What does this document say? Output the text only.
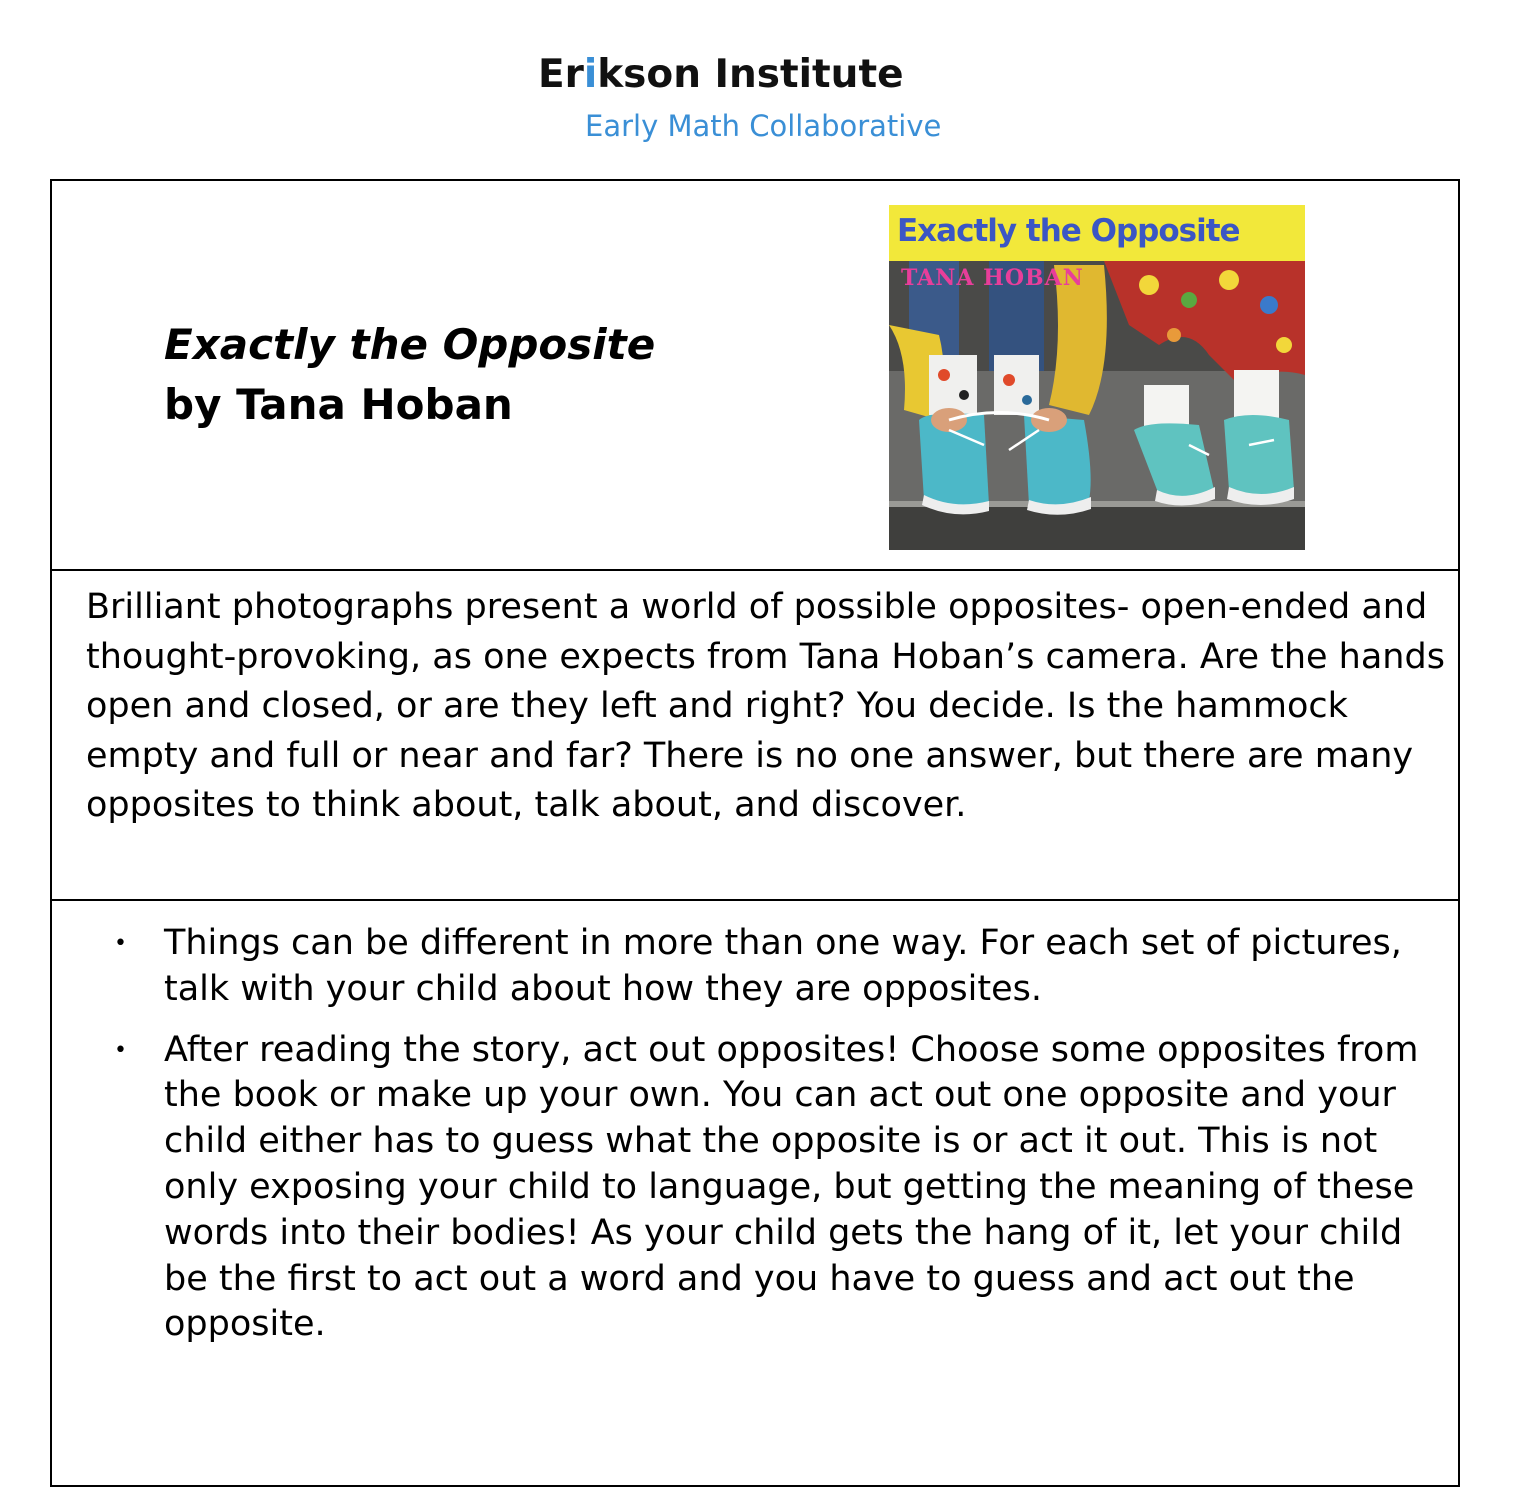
Erikson Institute
Early Math Collaborative
Exactly the Opposite
by Tana Hoban
Exactly the Opposite
TANA HOBAN

Brilliant photographs present a world of possible opposites- open-ended and thought-provoking, as one expects from Tana Hoban’s camera. Are the hands open and closed, or are they left and right? You decide. Is the hammock empty and full or near and far? There is no one answer, but there are many opposites to think about, talk about, and discover.

• Things can be different in more than one way. For each set of pictures, talk with your child about how they are opposites.
• After reading the story, act out opposites! Choose some opposites from the book or make up your own. You can act out one opposite and your child either has to guess what the opposite is or act it out. This is not only exposing your child to language, but getting the meaning of these words into their bodies! As your child gets the hang of it, let your child be the first to act out a word and you have to guess and act out the opposite.
